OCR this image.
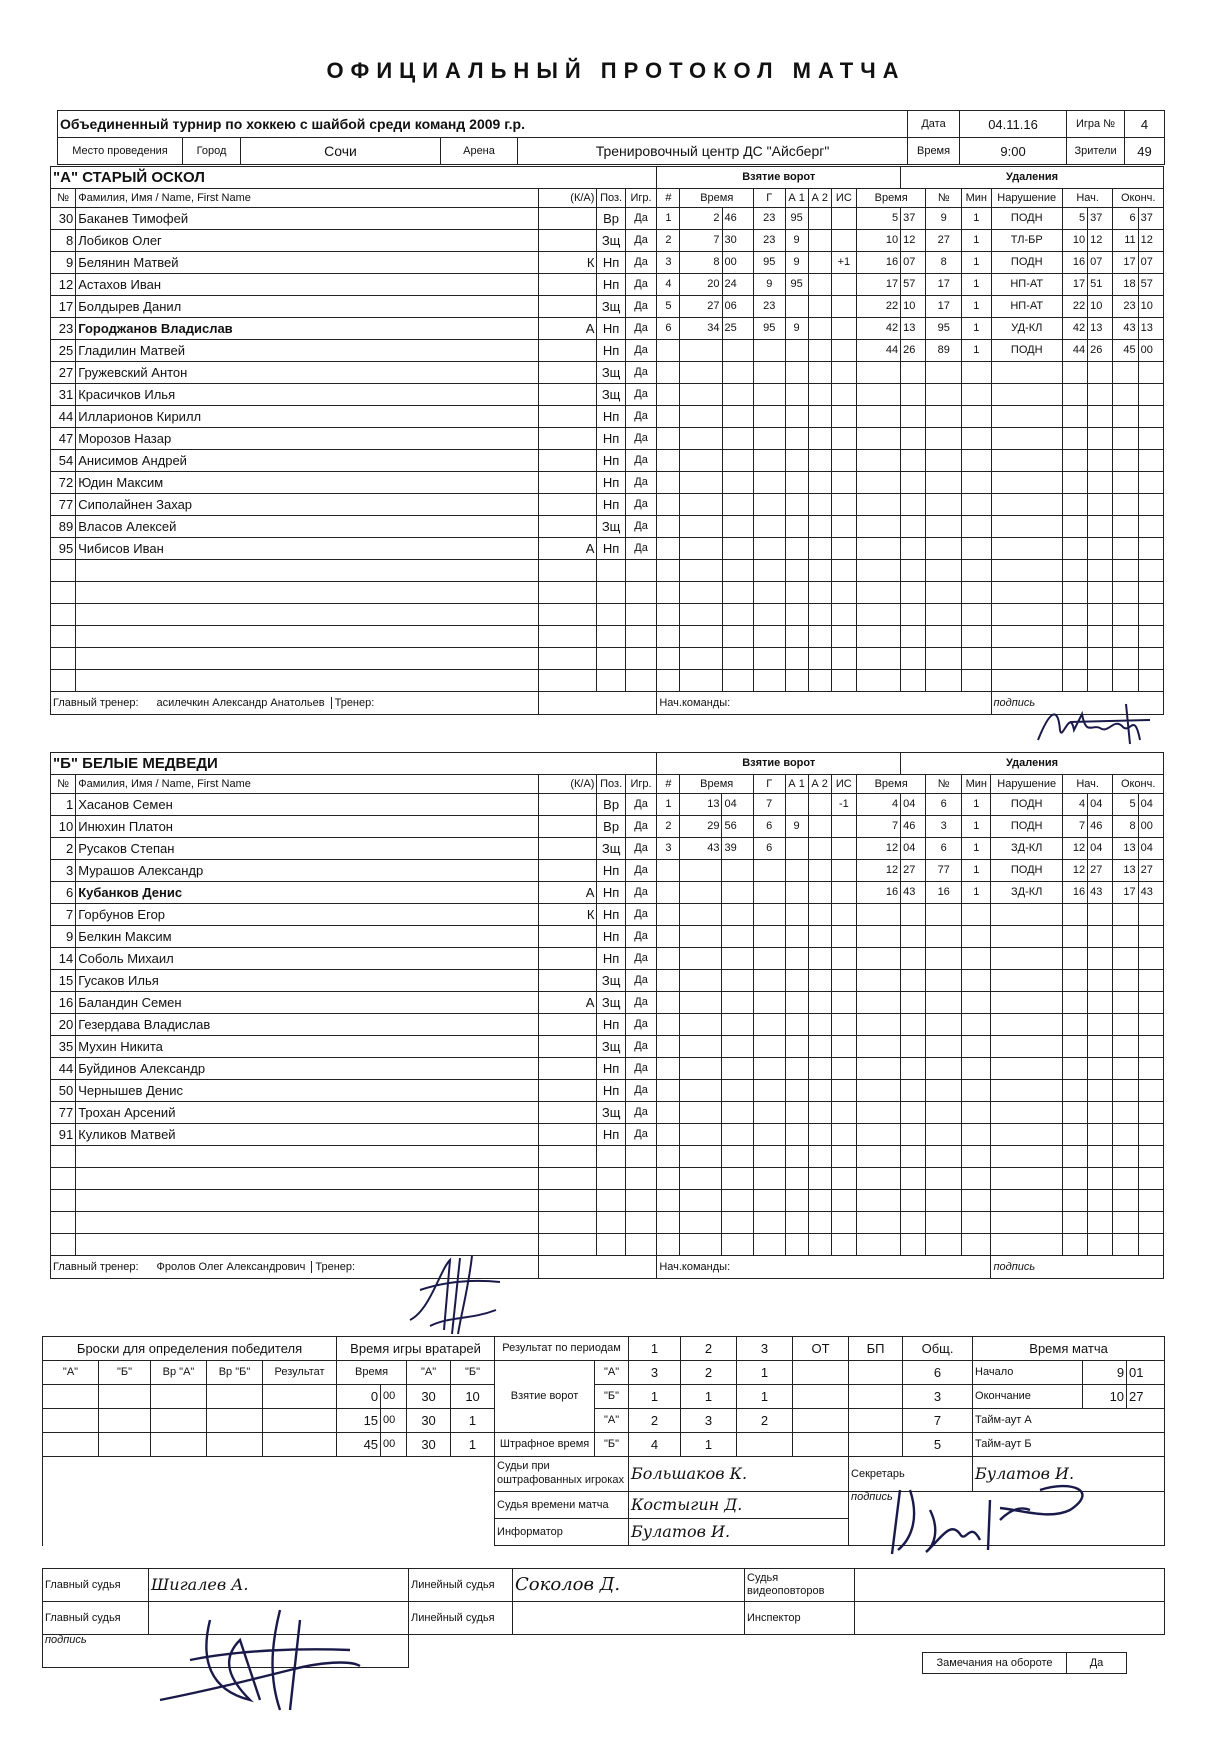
ОФИЦИАЛЬНЫЙ ПРОТОКОЛ МАТЧА
Объединенный турнир по хоккею с шайбой среди команд 2009 г.р.					Дата	04.11.16	Игра №	4
Место проведения	Город	Сочи	Арена	Тренировочный центр ДС "Айсберг"	Время	9:00	Зрители	49
"А" СТАРЫЙ ОСКОЛ					Взятие ворот								Удаления							
№	Фамилия, Имя / Name, First Name	(К/А)	Поз.	Игр.	#	Время		Г	А 1	А 2	ИС	Время		№	Мин	Нарушение	Нач.		Оконч.	
30	Баканев Тимофей		Вр	Да	1	2	46	23	95			5	37	9	1	ПОДН	5	37	6	37
8	Лобиков Олег		Зщ	Да	2	7	30	23	9			10	12	27	1	ТЛ-БР	10	12	11	12
9	Белянин Матвей	К	Нп	Да	3	8	00	95	9		+1	16	07	8	1	ПОДН	16	07	17	07
12	Астахов Иван		Нп	Да	4	20	24	9	95			17	57	17	1	НП-АТ	17	51	18	57
17	Болдырев Данил		Зщ	Да	5	27	06	23				22	10	17	1	НП-АТ	22	10	23	10
23	Городжанов Владислав	А	Нп	Да	6	34	25	95	9			42	13	95	1	УД-КЛ	42	13	43	13
25	Гладилин Матвей		Нп	Да								44	26	89	1	ПОДН	44	26	45	00
27	Гружевский Антон		Зщ	Да																
31	Красичков Илья		Зщ	Да																
44	Илларионов Кирилл		Нп	Да																
47	Морозов Назар		Нп	Да																
54	Анисимов Андрей		Нп	Да																
72	Юдин Максим		Нп	Да																
77	Сиполайнен Захар		Нп	Да																
89	Власов Алексей		Зщ	Да																
95	Чибисов Иван	А	Нп	Да																

Главный тренер: асилечкин Александр Анатольев Тренер:					Нач.команды:											подпись				
"Б" БЕЛЫЕ МЕДВЕДИ					Взятие ворот								Удаления							
№	Фамилия, Имя / Name, First Name	(К/А)	Поз.	Игр.	#	Время		Г	А 1	А 2	ИС	Время		№	Мин	Нарушение	Нач.		Оконч.	
1	Хасанов Семен		Вр	Да	1	13	04	7			-1	4	04	6	1	ПОДН	4	04	5	04
10	Инюхин Платон		Вр	Да	2	29	56	6	9			7	46	3	1	ПОДН	7	46	8	00
2	Русаков Степан		Зщ	Да	3	43	39	6				12	04	6	1	ЗД-КЛ	12	04	13	04
3	Мурашов Александр		Нп	Да								12	27	77	1	ПОДН	12	27	13	27
6	Кубанков Денис	А	Нп	Да								16	43	16	1	ЗД-КЛ	16	43	17	43
7	Горбунов Егор	К	Нп	Да																
9	Белкин Максим		Нп	Да																
14	Соболь Михаил		Нп	Да																
15	Гусаков Илья		Зщ	Да																
16	Баландин Семен	А	Зщ	Да																
20	Гезердава Владислав		Нп	Да																
35	Мухин Никита		Зщ	Да																
44	Буйдинов Александр		Нп	Да																
50	Чернышев Денис		Нп	Да																
77	Трохан Арсений		Зщ	Да																
91	Куликов Матвей		Нп	Да																

Главный тренер: Фролов Олег Александрович Тренер:					Нач.команды:											подпись				
Броски для определения победителя					Время игры вратарей				Результат по периодам		1	2	3	ОТ	БП	Общ.	Время матча		
"А"	"Б"	Вр "А"	Вр "Б"	Результат	Время		"А"	"Б"	Взятие ворот	"А"	3	2	1			6	Начало	9	01
					0	00	30	10		"Б"	1	1	1			3	Окончание	10	27
					15	00	30	1		"А"	2	3	2			7	Тайм-аут А		
					45	00	30	1	Штрафное время	"Б"	4	1				5	Тайм-аут Б		
									Судьи при оштрафованных игроках		Большаков К.				Секретарь		Булатов И.		
									Судья времени матча		Костыгин Д.				подпись				
									Информатор		Булатов И.								
Главный судья	Шигалев А.	Линейный судья	Соколов Д.	Судья видеоповторов	
Главный судья		Линейный судья		Инспектор	
подпись					
Замечания на обороте	Да
